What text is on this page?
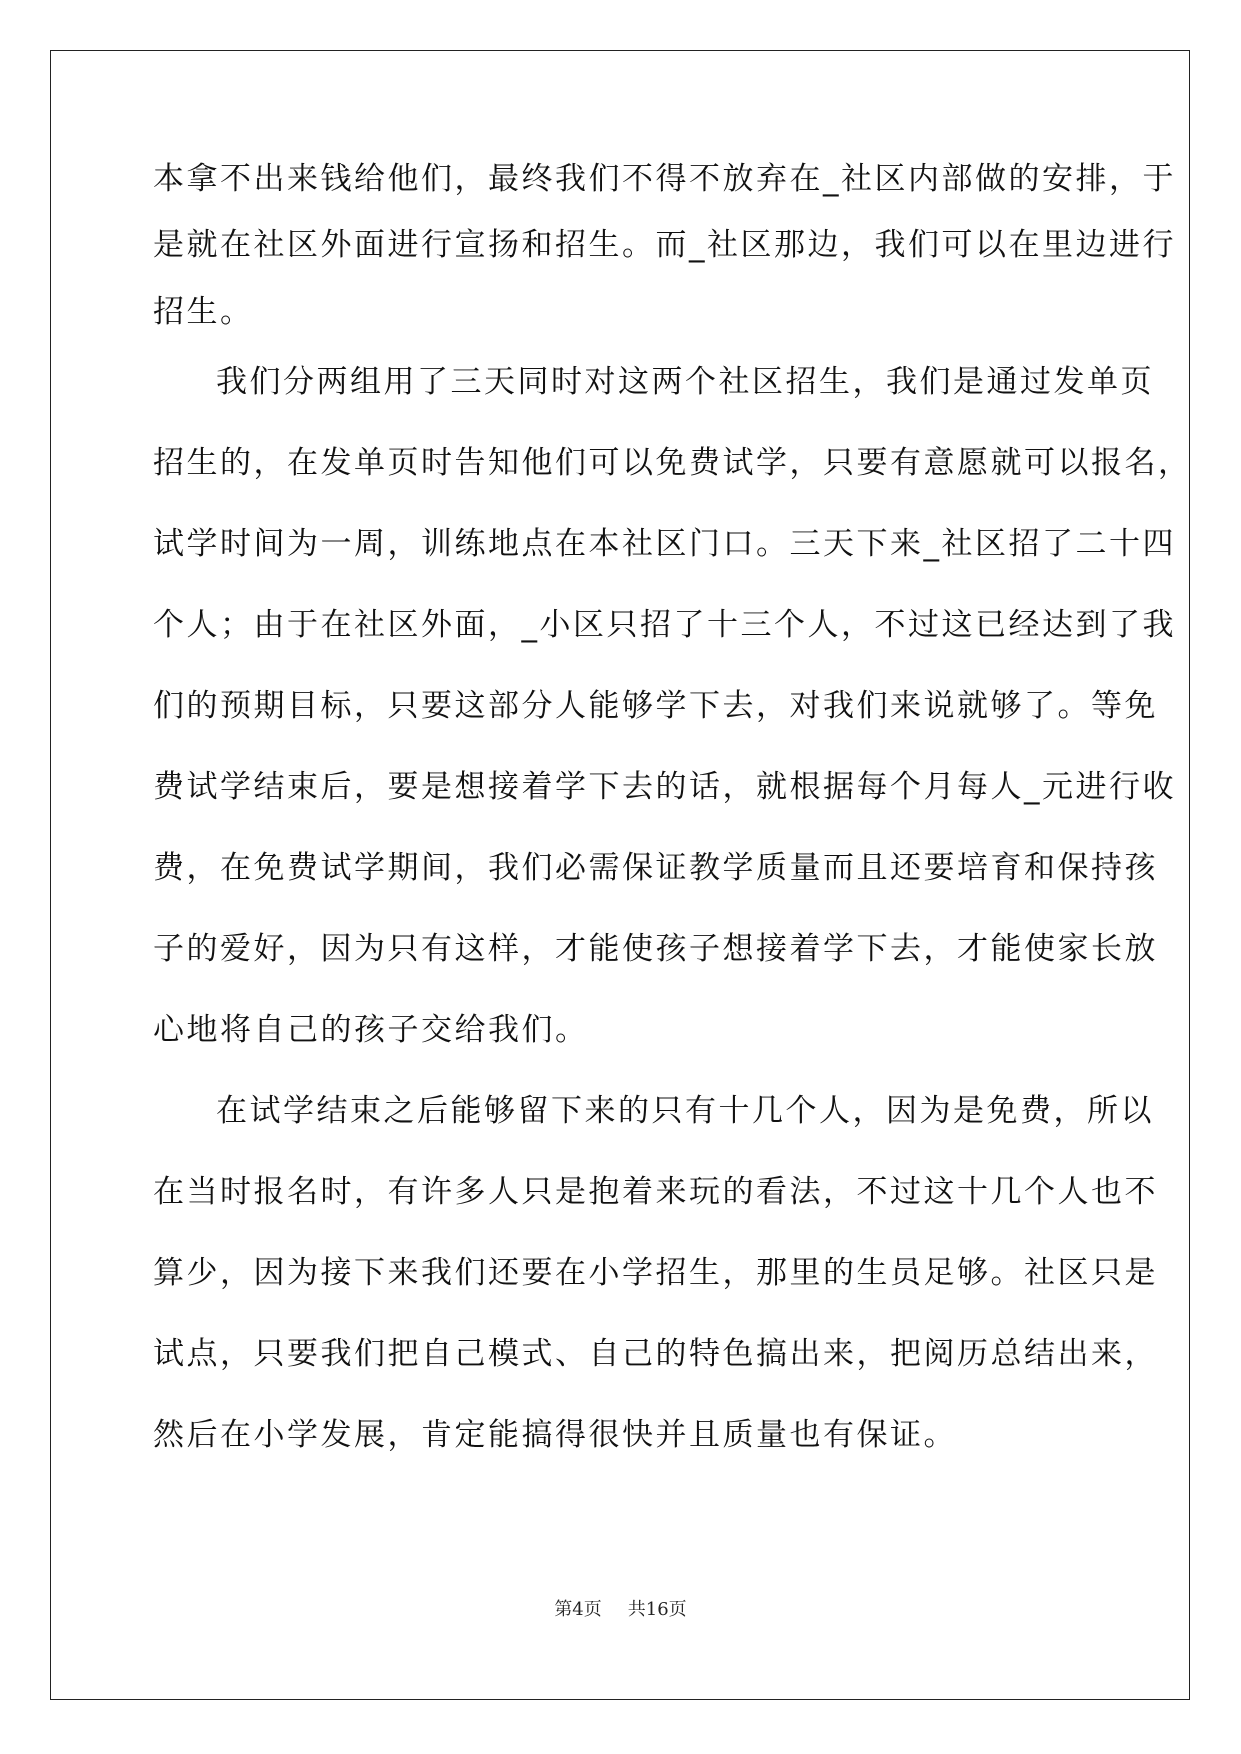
本拿不出来钱给他们，最终我们不得不放弃在_社区内部做的安排，于
是就在社区外面进行宣扬和招生。而_社区那边，我们可以在里边进行
招生。
我们分两组用了三天同时对这两个社区招生，我们是通过发单页
招生的，在发单页时告知他们可以免费试学，只要有意愿就可以报名，
试学时间为一周，训练地点在本社区门口。三天下来_社区招了二十四
个人；由于在社区外面，_小区只招了十三个人，不过这已经达到了我
们的预期目标，只要这部分人能够学下去，对我们来说就够了。等免
费试学结束后，要是想接着学下去的话，就根据每个月每人_元进行收
费，在免费试学期间，我们必需保证教学质量而且还要培育和保持孩
子的爱好，因为只有这样，才能使孩子想接着学下去，才能使家长放
心地将自己的孩子交给我们。
在试学结束之后能够留下来的只有十几个人，因为是免费，所以
在当时报名时，有许多人只是抱着来玩的看法，不过这十几个人也不
算少，因为接下来我们还要在小学招生，那里的生员足够。社区只是
试点，只要我们把自己模式、自己的特色搞出来，把阅历总结出来，
然后在小学发展，肯定能搞得很快并且质量也有保证。
第4页 共16页
